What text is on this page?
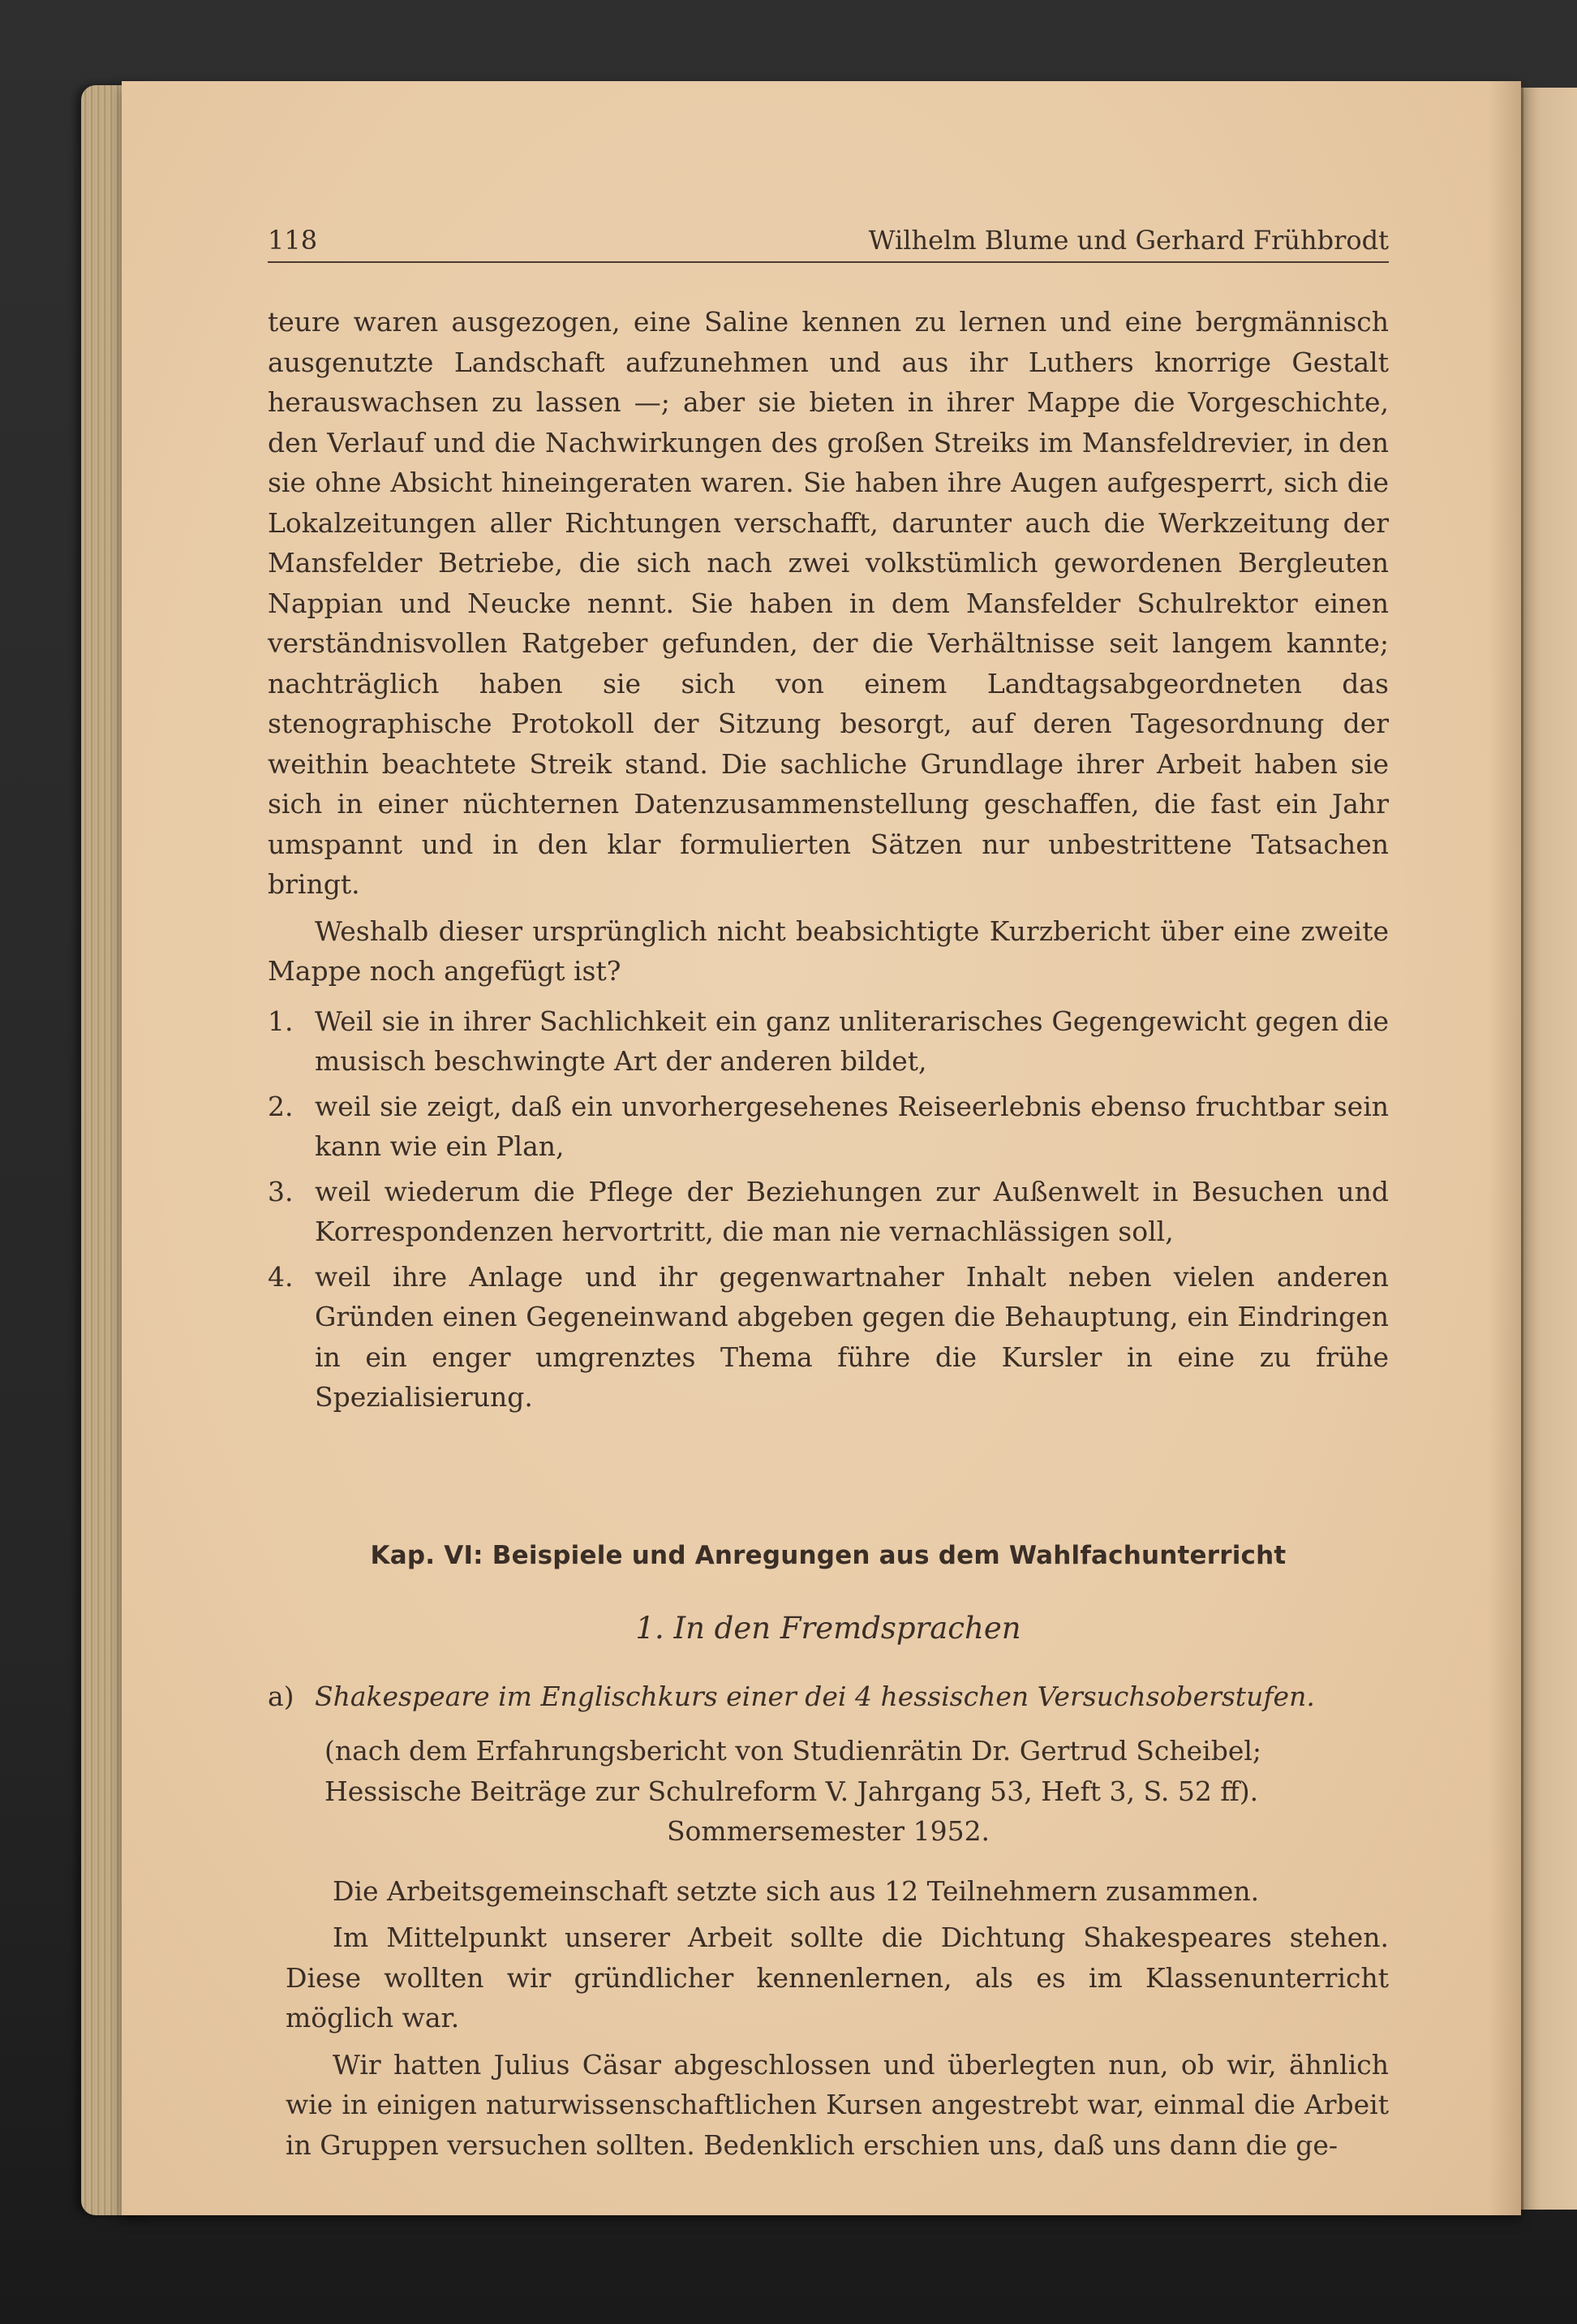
118	Wilhelm Blume und Gerhard Frühbrodt

teure waren ausgezogen, eine Saline kennen zu lernen und eine bergmännisch ausgenutzte Landschaft aufzunehmen und aus ihr Luthers knorrige Gestalt herauswachsen zu lassen —; aber sie bieten in ihrer Mappe die Vorgeschichte, den Verlauf und die Nachwirkungen des großen Streiks im Mansfeldrevier, in den sie ohne Absicht hineingeraten waren. Sie haben ihre Augen aufgesperrt, sich die Lokalzeitungen aller Richtungen verschafft, darunter auch die Werkzeitung der Mansfelder Betriebe, die sich nach zwei volkstümlich gewordenen Bergleuten Nappian und Neucke nennt. Sie haben in dem Mansfelder Schulrektor einen verständnisvollen Ratgeber gefunden, der die Verhältnisse seit langem kannte; nachträglich haben sie sich von einem Landtagsabgeordneten das stenographische Protokoll der Sitzung besorgt, auf deren Tagesordnung der weithin beachtete Streik stand. Die sachliche Grundlage ihrer Arbeit haben sie sich in einer nüchternen Datenzusammenstellung geschaffen, die fast ein Jahr umspannt und in den klar formulierten Sätzen nur unbestrittene Tatsachen bringt.

Weshalb dieser ursprünglich nicht beabsichtigte Kurzbericht über eine zweite Mappe noch angefügt ist?

1. Weil sie in ihrer Sachlichkeit ein ganz unliterarisches Gegengewicht gegen die musisch beschwingte Art der anderen bildet,
2. weil sie zeigt, daß ein unvorhergesehenes Reiseerlebnis ebenso fruchtbar sein kann wie ein Plan,
3. weil wiederum die Pflege der Beziehungen zur Außenwelt in Besuchen und Korrespondenzen hervortritt, die man nie vernachlässigen soll,
4. weil ihre Anlage und ihr gegenwartnaher Inhalt neben vielen anderen Gründen einen Gegeneinwand abgeben gegen die Behauptung, ein Eindringen in ein enger umgrenztes Thema führe die Kursler in eine zu frühe Spezialisierung.
Kap. VI: Beispiele und Anregungen aus dem Wahlfachunterricht
1. In den Fremdsprachen
a) Shakespeare im Englischkurs einer dei 4 hessischen Versuchsoberstufen.

(nach dem Erfahrungsbericht von Studienrätin Dr. Gertrud Scheibel; Hessische Beiträge zur Schulreform V. Jahrgang 53, Heft 3, S. 52 ff).

Sommersemester 1952.

Die Arbeitsgemeinschaft setzte sich aus 12 Teilnehmern zusammen.

Im Mittelpunkt unserer Arbeit sollte die Dichtung Shakespeares stehen. Diese wollten wir gründlicher kennenlernen, als es im Klassenunterricht möglich war.

Wir hatten Julius Cäsar abgeschlossen und überlegten nun, ob wir, ähnlich wie in einigen naturwissenschaftlichen Kursen angestrebt war, einmal die Arbeit in Gruppen versuchen sollten. Bedenklich erschien uns, daß uns dann die ge-
